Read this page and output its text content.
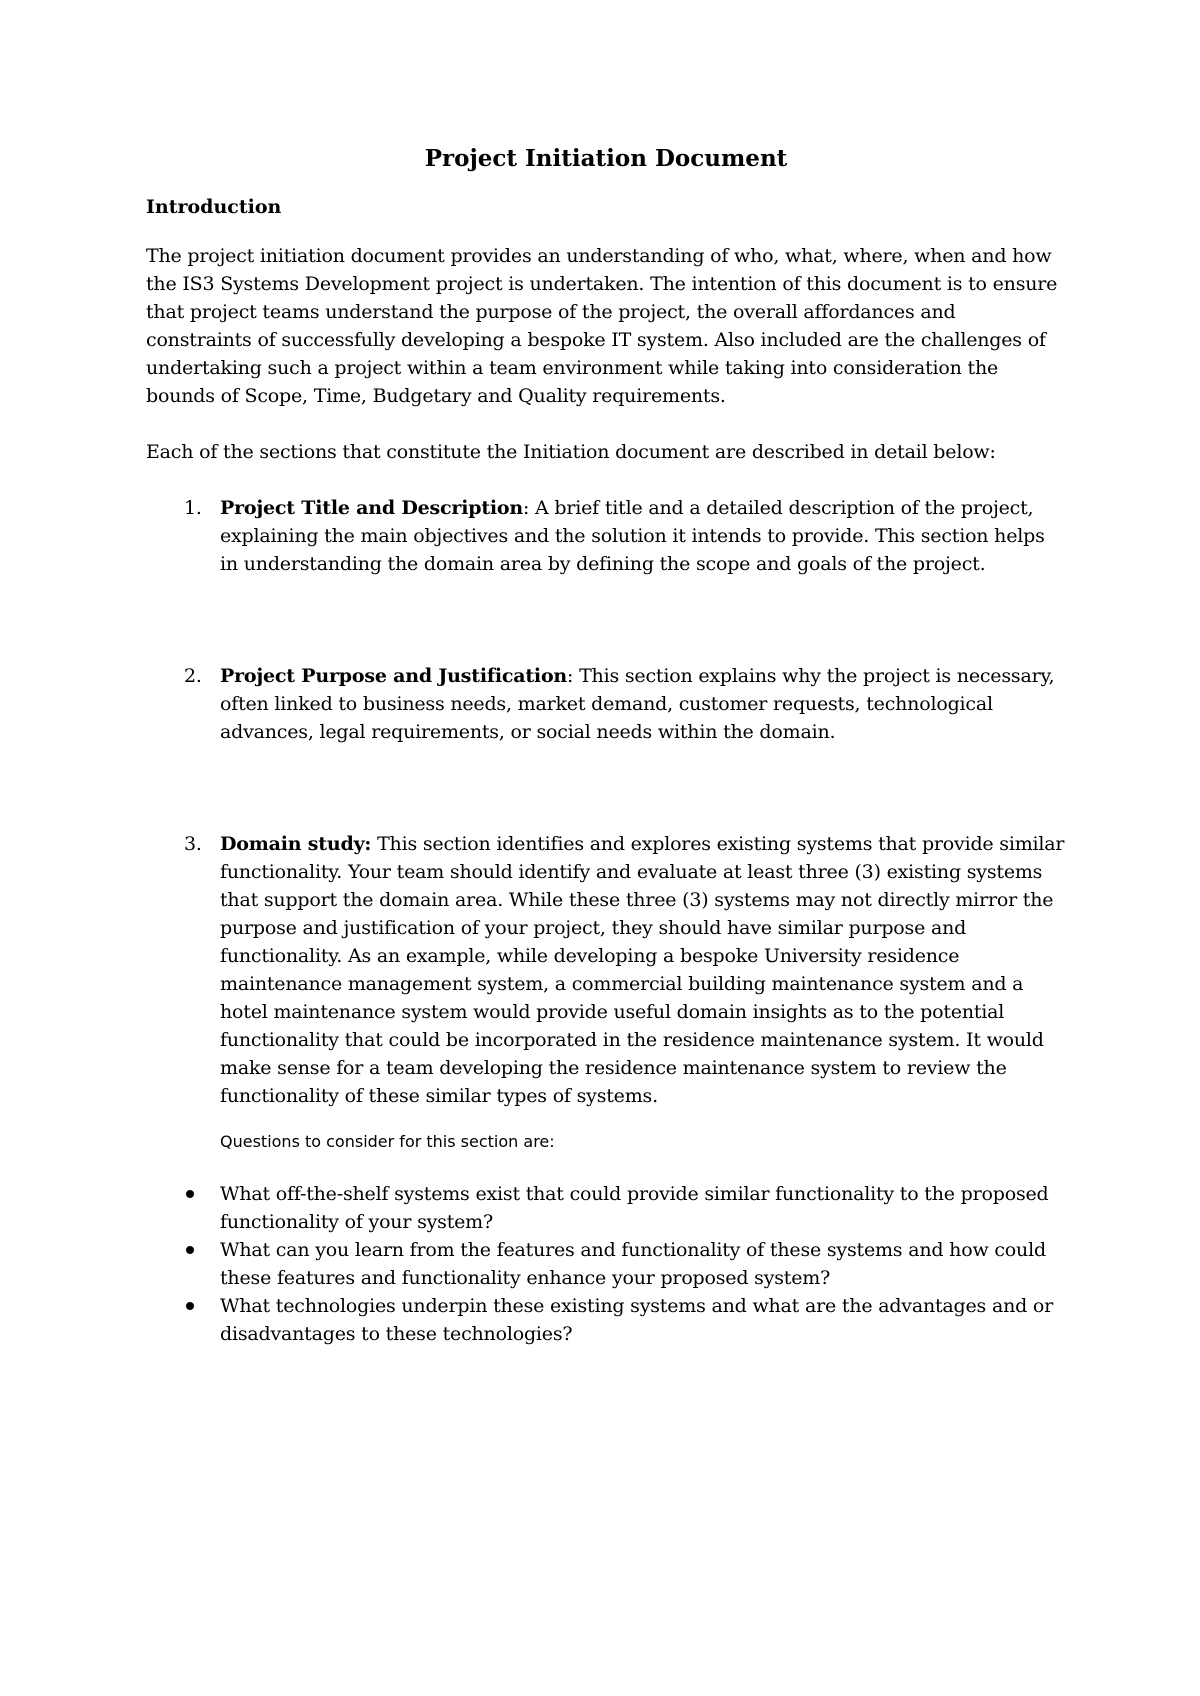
Project Initiation Document
Introduction

The project initiation document provides an understanding of who, what, where, when and how the IS3 Systems Development project is undertaken. The intention of this document is to ensure that project teams understand the purpose of the project, the overall affordances and constraints of successfully developing a bespoke IT system. Also included are the challenges of undertaking such a project within a team environment while taking into consideration the bounds of Scope, Time, Budgetary and Quality requirements.

Each of the sections that constitute the Initiation document are described in detail below:

1. Project Title and Description: A brief title and a detailed description of the project, explaining the main objectives and the solution it intends to provide. This section helps in understanding the domain area by defining the scope and goals of the project.
2. Project Purpose and Justification: This section explains why the project is necessary, often linked to business needs, market demand, customer requests, technological advances, legal requirements, or social needs within the domain.
3. Domain study: This section identifies and explores existing systems that provide similar functionality. Your team should identify and evaluate at least three (3) existing systems that support the domain area. While these three (3) systems may not directly mirror the purpose and justification of your project, they should have similar purpose and functionality. As an example, while developing a bespoke University residence maintenance management system, a commercial building maintenance system and a hotel maintenance system would provide useful domain insights as to the potential functionality that could be incorporated in the residence maintenance system. It would make sense for a team developing the residence maintenance system to review the functionality of these similar types of systems.
Questions to consider for this section are:
What off-the-shelf systems exist that could provide similar functionality to the proposed functionality of your system?
What can you learn from the features and functionality of these systems and how could these features and functionality enhance your proposed system?
What technologies underpin these existing systems and what are the advantages and or disadvantages to these technologies?
